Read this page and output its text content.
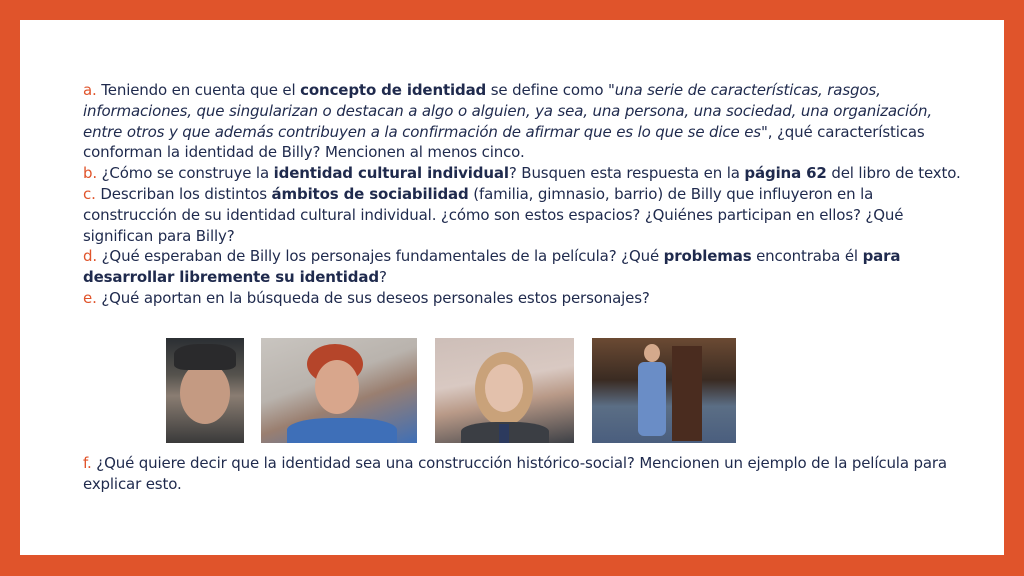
a. Teniendo en cuenta que el concepto de identidad se define como "una serie de características, rasgos, informaciones, que singularizan o destacan a algo o alguien, ya sea, una persona, una sociedad, una organización, entre otros y que además contribuyen a la confirmación de afirmar que es lo que se dice es", ¿qué características conforman la identidad de Billy? Mencionen al menos cinco.

b. ¿Cómo se construye la identidad cultural individual? Busquen esta respuesta en la página 62 del libro de texto.

c. Describan los distintos ámbitos de sociabilidad (familia, gimnasio, barrio) de Billy que influyeron en la construcción de su identidad cultural individual. ¿cómo son estos espacios? ¿Quiénes participan en ellos? ¿Qué significan para Billy?

d. ¿Qué esperaban de Billy los personajes fundamentales de la película? ¿Qué problemas encontraba él para desarrollar libremente su identidad?

e. ¿Qué aportan en la búsqueda de sus deseos personales estos personajes?

f. ¿Qué quiere decir que la identidad sea una construcción histórico-social? Mencionen un ejemplo de la película para explicar esto.
